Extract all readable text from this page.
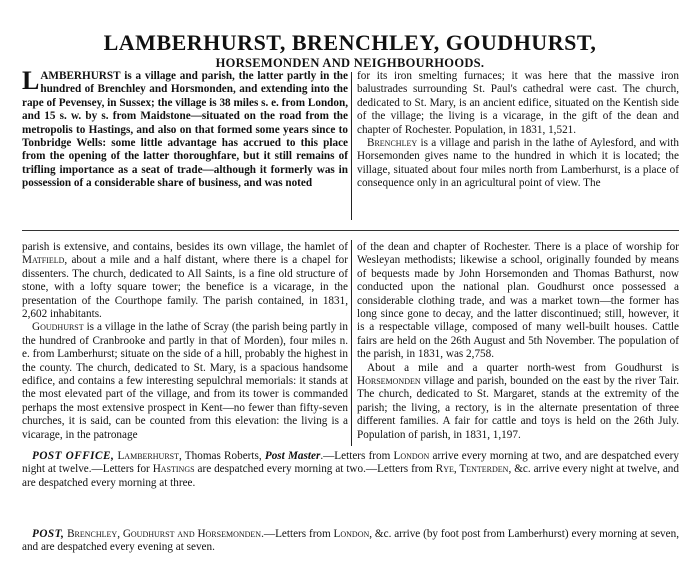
LAMBERHURST, BRENCHLEY, GOUDHURST,
HORSEMONDEN AND NEIGHBOURHOODS.

LAMBERHURST is a village and parish, the latter partly in the hundred of Brenchley and Horsmonden, and extending into the rape of Pevensey, in Sussex; the village is 38 miles s. e. from London, and 15 s. w. by s. from Maidstone—situated on the road from the metropolis to Hastings, and also on that formed some years since to Tonbridge Wells: some little advantage has accrued to this place from the opening of the latter thoroughfare, but it still remains of trifling importance as a seat of trade—although it formerly was in possession of a considerable share of business, and was noted

for its iron smelting furnaces; it was here that the massive iron balustrades surrounding St. Paul's cathedral were cast. The church, dedicated to St. Mary, is an ancient edifice, situated on the Kentish side of the village; the living is a vicarage, in the gift of the dean and chapter of Rochester. Population, in 1831, 1,521.

Brenchley is a village and parish in the lathe of Aylesford, and with Horsemonden gives name to the hundred in which it is located; the village, situated about four miles north from Lamberhurst, is a place of consequence only in an agricultural point of view. The

parish is extensive, and contains, besides its own village, the hamlet of Matfield, about a mile and a half distant, where there is a chapel for dissenters. The church, dedicated to All Saints, is a fine old structure of stone, with a lofty square tower; the benefice is a vicarage, in the presentation of the Courthope family. The parish contained, in 1831, 2,602 inhabitants.

Goudhurst is a village in the lathe of Scray (the parish being partly in the hundred of Cranbrooke and partly in that of Morden), four miles n. e. from Lamberhurst; situate on the side of a hill, probably the highest in the county. The church, dedicated to St. Mary, is a spacious handsome edifice, and contains a few interesting sepulchral memorials: it stands at the most elevated part of the village, and from its tower is commanded perhaps the most extensive prospect in Kent—no fewer than fifty-seven churches, it is said, can be counted from this elevation: the living is a vicarage, in the patronage

of the dean and chapter of Rochester. There is a place of worship for Wesleyan methodists; likewise a school, originally founded by means of bequests made by John Horsemonden and Thomas Bathurst, now conducted upon the national plan. Goudhurst once possessed a considerable clothing trade, and was a market town—the former has long since gone to decay, and the latter discontinued; still, however, it is a respectable village, composed of many well-built houses. Cattle fairs are held on the 26th August and 5th November. The population of the parish, in 1831, was 2,758.

About a mile and a quarter north-west from Goudhurst is Horsemonden village and parish, bounded on the east by the river Tair. The church, dedicated to St. Margaret, stands at the extremity of the parish; the living, a rectory, is in the alternate presentation of three different families. A fair for cattle and toys is held on the 26th July. Population of parish, in 1831, 1,197.

POST OFFICE, Lamberhurst, Thomas Roberts, Post Master.—Letters from London arrive every morning at two, and are despatched every night at twelve.—Letters for Hastings are despatched every morning at two.—Letters from Rye, Tenterden, &c. arrive every night at twelve, and are despatched every morning at three.
POST, Brenchley, Goudhurst and Horsemonden.—Letters from London, &c. arrive (by foot post from Lamberhurst) every morning at seven, and are despatched every evening at seven.
